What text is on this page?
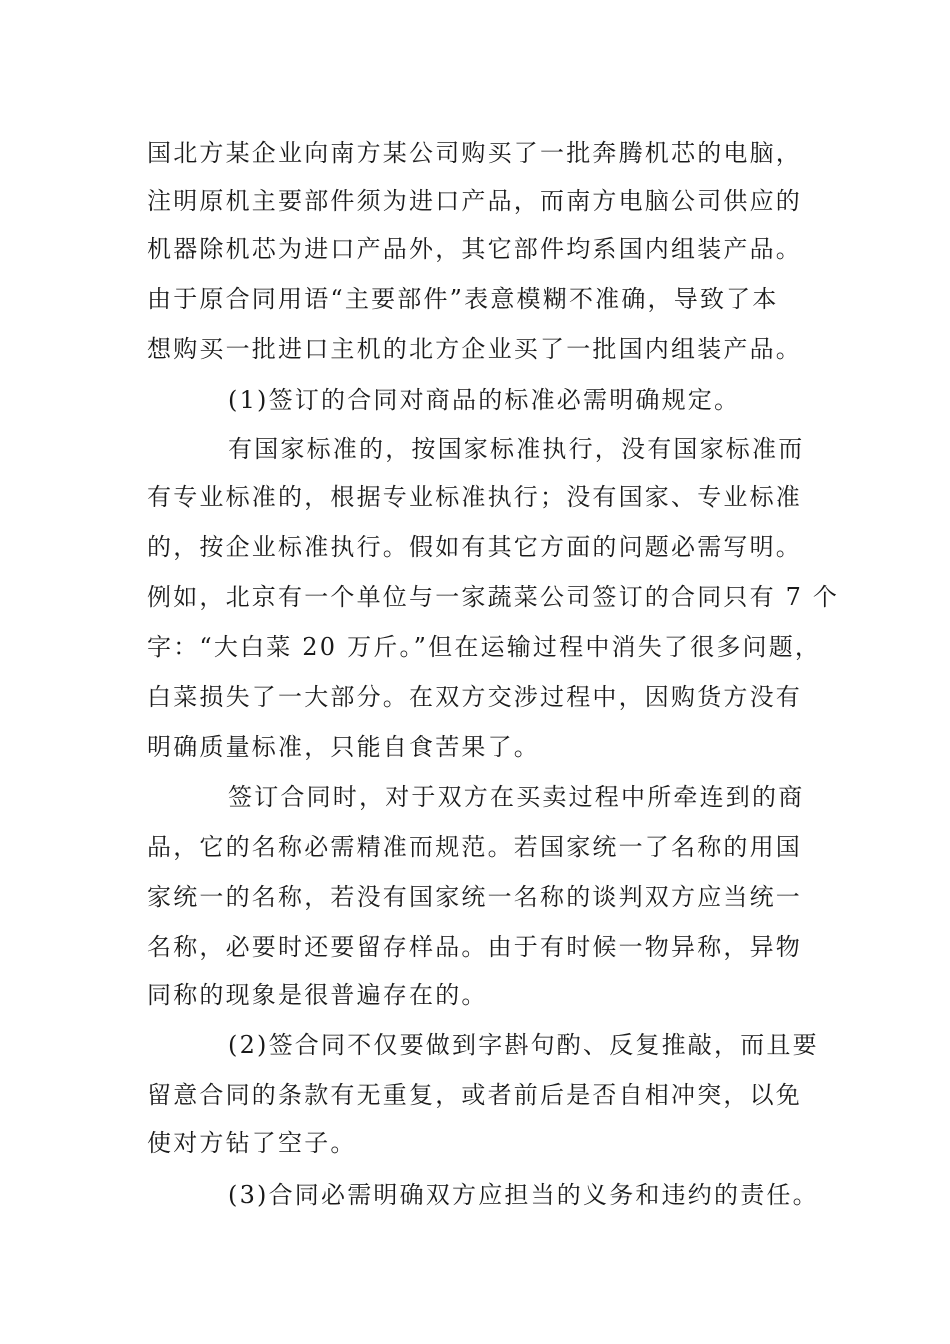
国北方某企业向南方某公司购买了一批奔腾机芯的电脑，
注明原机主要部件须为进口产品，而南方电脑公司供应的
机器除机芯为进口产品外，其它部件均系国内组装产品。
由于原合同用语“主要部件”表意模糊不准确，导致了本
想购买一批进口主机的北方企业买了一批国内组装产品。
(1)签订的合同对商品的标准必需明确规定。
有国家标准的，按国家标准执行，没有国家标准而
有专业标准的，根据专业标准执行；没有国家、专业标准
的，按企业标准执行。假如有其它方面的问题必需写明。
例如，北京有一个单位与一家蔬菜公司签订的合同只有 7 个
字：“大白菜 20 万斤。”但在运输过程中消失了很多问题，
白菜损失了一大部分。在双方交涉过程中，因购货方没有
明确质量标准，只能自食苦果了。
签订合同时，对于双方在买卖过程中所牵连到的商
品，它的名称必需精准而规范。若国家统一了名称的用国
家统一的名称，若没有国家统一名称的谈判双方应当统一
名称，必要时还要留存样品。由于有时候一物异称，异物
同称的现象是很普遍存在的。
(2)签合同不仅要做到字斟句酌、反复推敲，而且要
留意合同的条款有无重复，或者前后是否自相冲突，以免
使对方钻了空子。
(3)合同必需明确双方应担当的义务和违约的责任。
